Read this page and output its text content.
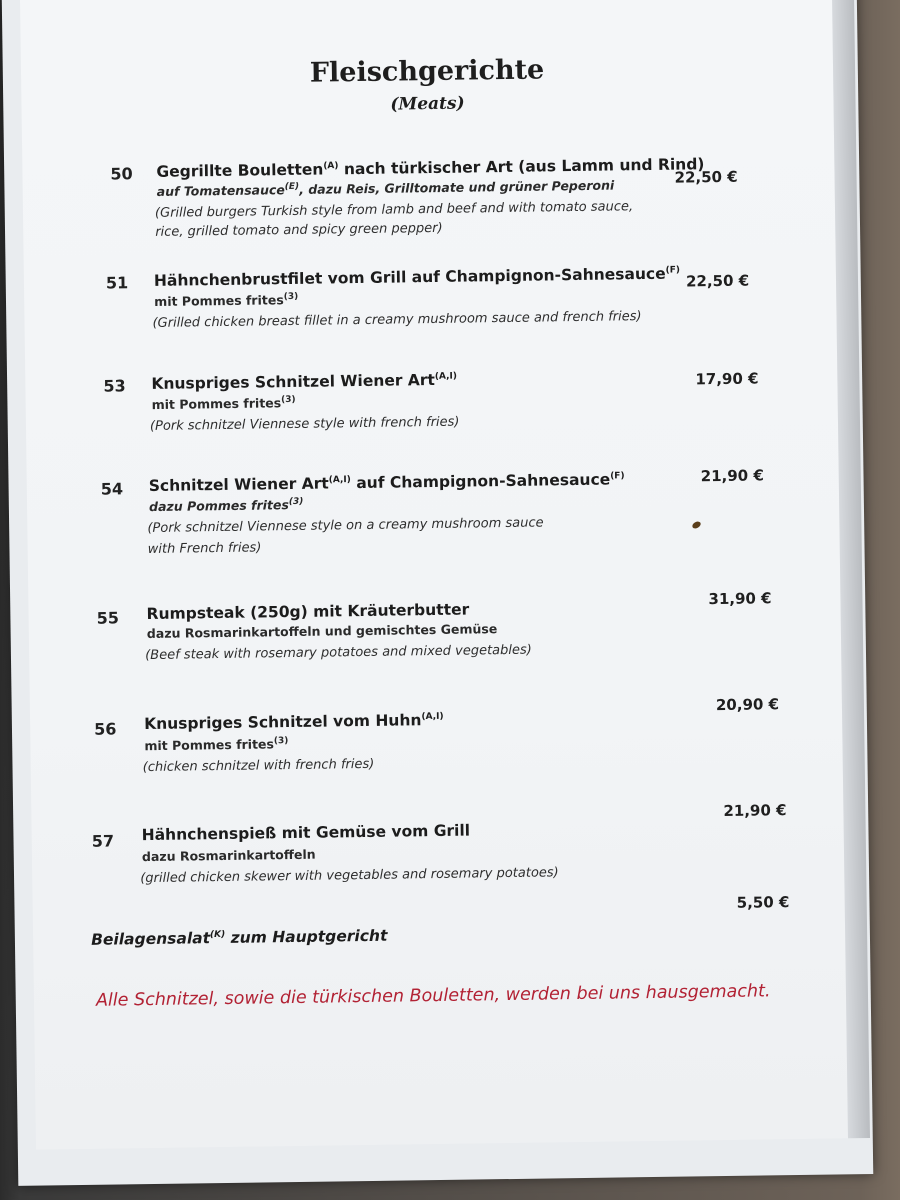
Fleischgerichte
(Meats)
50 Gegrillte Bouletten$^{(A)}$ nach türkischer Art (aus Lamm und Rind)
auf Tomatensauce$^{(E)}$, dazu Reis, Grilltomate und grüner Peperoni
(Grilled burgers Turkish style from lamb and beef and with tomato sauce,
rice, grilled tomato and spicy green pepper)
22,50 €
51 Hähnchenbrustfilet vom Grill auf Champignon-Sahnesauce$^{(F)}$
mit Pommes frites$^{(3)}$
(Grilled chicken breast fillet in a creamy mushroom sauce and french fries)
22,50 €
53 Knuspriges Schnitzel Wiener Art$^{(A,I)}$
mit Pommes frites$^{(3)}$
(Pork schnitzel Viennese style with french fries)
17,90 €
54 Schnitzel Wiener Art$^{(A,I)}$ auf Champignon-Sahnesauce$^{(F)}$
dazu Pommes frites$^{(3)}$
(Pork schnitzel Viennese style on a creamy mushroom sauce
with French fries)
21,90 €
55 Rumpsteak (250g) mit Kräuterbutter
dazu Rosmarinkartoffeln und gemischtes Gemüse
(Beef steak with rosemary potatoes and mixed vegetables)
31,90 €
56 Knuspriges Schnitzel vom Huhn$^{(A,I)}$
mit Pommes frites$^{(3)}$
(chicken schnitzel with french fries)
20,90 €
57 Hähnchenspieß mit Gemüse vom Grill
dazu Rosmarinkartoffeln
(grilled chicken skewer with vegetables and rosemary potatoes)
21,90 €
Beilagensalat$^{(K)}$ zum Hauptgericht
5,50 €
Alle Schnitzel, sowie die türkischen Bouletten, werden bei uns hausgemacht.
